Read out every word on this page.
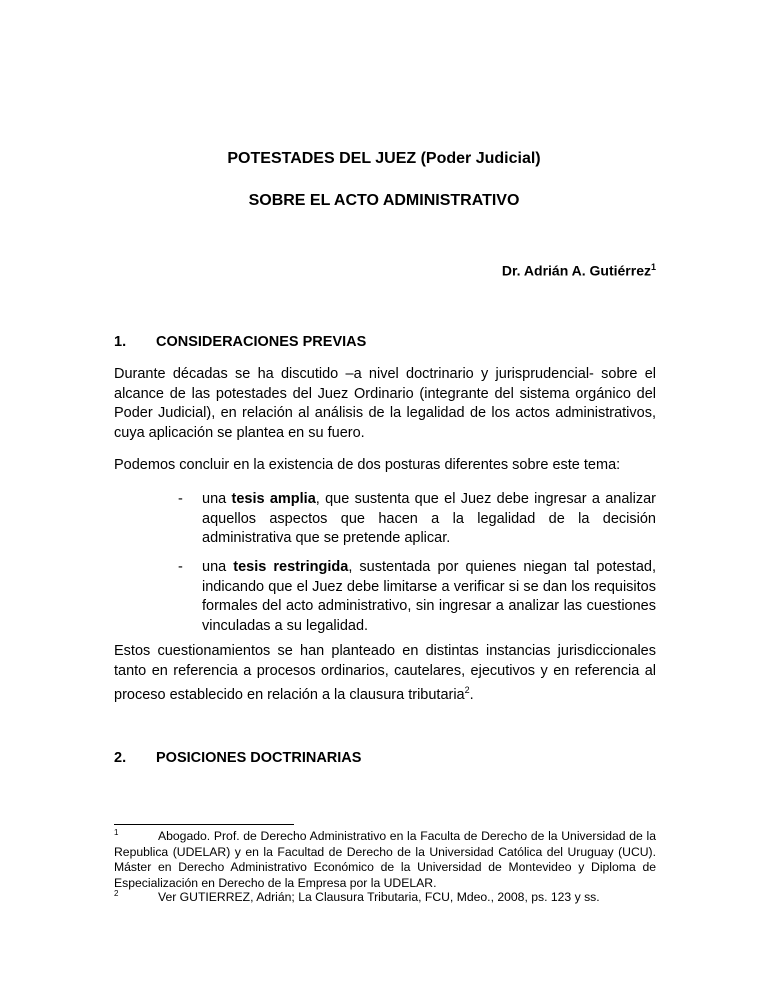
POTESTADES DEL JUEZ (Poder Judicial)
SOBRE EL ACTO ADMINISTRATIVO
Dr. Adrián A. Gutiérrez$^1$
1. CONSIDERACIONES PREVIAS
Durante décadas se ha discutido –a nivel doctrinario y jurisprudencial- sobre el alcance de las potestades del Juez Ordinario (integrante del sistema orgánico del Poder Judicial), en relación al análisis de la legalidad de los actos administrativos, cuya aplicación se plantea en su fuero.
Podemos concluir en la existencia de dos posturas diferentes sobre este tema:
- una tesis amplia, que sustenta que el Juez debe ingresar a analizar aquellos aspectos que hacen a la legalidad de la decisión administrativa que se pretende aplicar.
- una tesis restringida, sustentada por quienes niegan tal potestad, indicando que el Juez debe limitarse a verificar si se dan los requisitos formales del acto administrativo, sin ingresar a analizar las cuestiones vinculadas a su legalidad.
Estos cuestionamientos se han planteado en distintas instancias jurisdiccionales tanto en referencia a procesos ordinarios, cautelares, ejecutivos y en referencia al proceso establecido en relación a la clausura tributaria$^2$.
2. POSICIONES DOCTRINARIAS
1	Abogado. Prof. de Derecho Administrativo en la Faculta de Derecho de la Universidad de la Republica (UDELAR) y en la Facultad de Derecho de la Universidad Católica del Uruguay (UCU). Máster en Derecho Administrativo Económico de la Universidad de Montevideo y Diploma de Especialización en Derecho de la Empresa por la UDELAR.
2	Ver GUTIERREZ, Adrián; La Clausura Tributaria, FCU, Mdeo., 2008, ps. 123 y ss.
